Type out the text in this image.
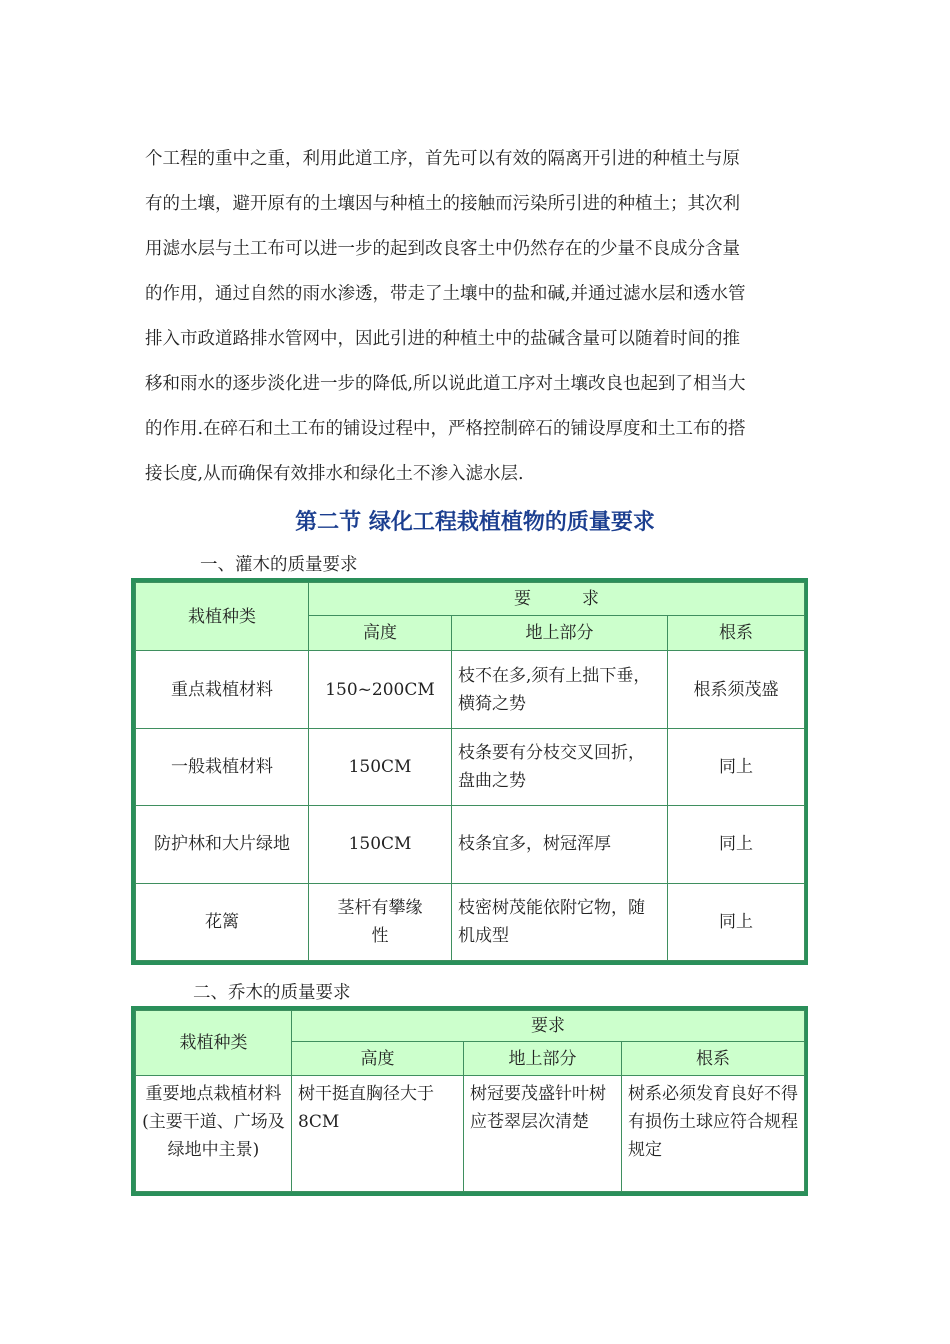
个工程的重中之重，利用此道工序，首先可以有效的隔离开引进的种植土与原

有的土壤，避开原有的土壤因与种植土的接触而污染所引进的种植土；其次利

用滤水层与土工布可以进一步的起到改良客土中仍然存在的少量不良成分含量

的作用，通过自然的雨水渗透，带走了土壤中的盐和碱,并通过滤水层和透水管

排入市政道路排水管网中，因此引进的种植土中的盐碱含量可以随着时间的推

移和雨水的逐步淡化进一步的降低,所以说此道工序对土壤改良也起到了相当大

的作用.在碎石和土工布的铺设过程中，严格控制碎石的铺设厚度和土工布的搭

接长度,从而确保有效排水和绿化土不渗入滤水层.

第二节 绿化工程栽植植物的质量要求
一、灌木的质量要求
栽植种类	要　　　求		
	高度	地上部分	根系
重点栽植材料	150~200CM	枝不在多,须有上拙下垂，横猗之势	根系须茂盛
一般栽植材料	150CM	枝条要有分枝交叉回折，盘曲之势	同上
防护林和大片绿地	150CM	枝条宜多，树冠浑厚	同上
花篱	茎杆有攀缘性	枝密树茂能依附它物，随机成型	同上
二、乔木的质量要求
栽植种类	要求		
	高度	地上部分	根系
重要地点栽植材料(主要干道、广场及绿地中主景)	树干挺直胸径大于8CM	树冠要茂盛针叶树应苍翠层次清楚	树系必须发育良好不得有损伤土球应符合规程规定
